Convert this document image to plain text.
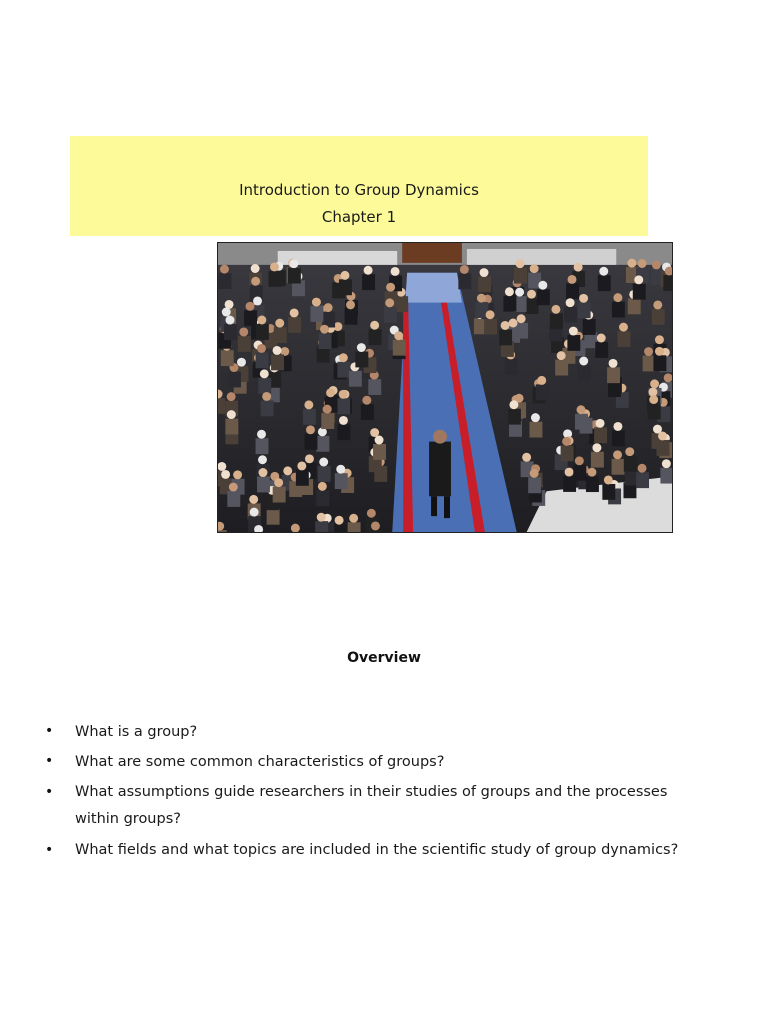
Introduction to Group Dynamics
Chapter 1
Overview
• What is a group?
• What are some common characteristics of groups?
• What assumptions guide researchers in their studies of groups and the processes within groups?
• What fields and what topics are included in the scientific study of group dynamics?
